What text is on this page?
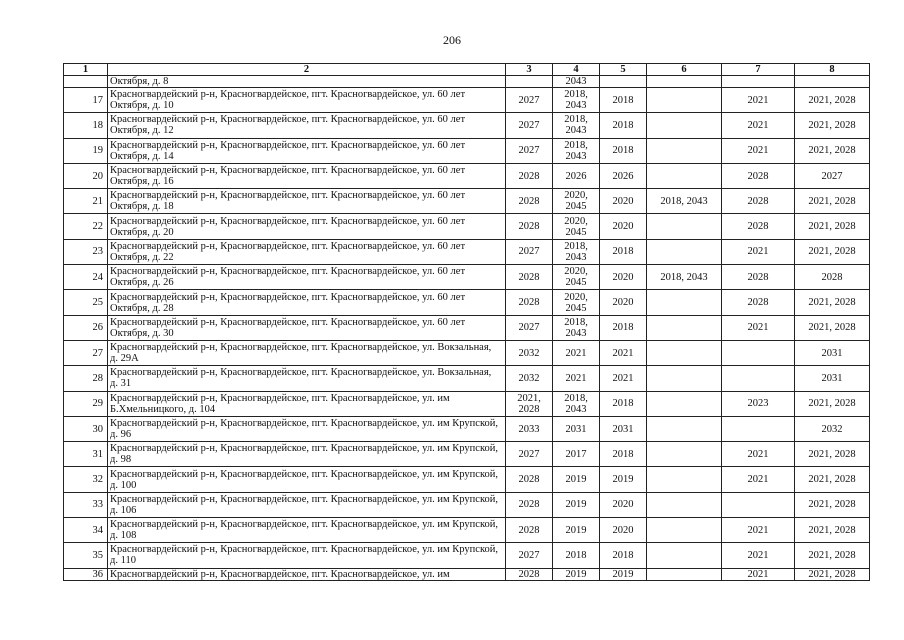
206
1	2	3	4	5	6	7	8
	Октября, д. 8		2043				
17	Красногвардейский р-н, Красногвардейское, пгт. Красногвардейское, ул. 60 лет Октября, д. 10	2027	2018, 2043	2018		2021	2021, 2028
18	Красногвардейский р-н, Красногвардейское, пгт. Красногвардейское, ул. 60 лет Октября, д. 12	2027	2018, 2043	2018		2021	2021, 2028
19	Красногвардейский р-н, Красногвардейское, пгт. Красногвардейское, ул. 60 лет Октября, д. 14	2027	2018, 2043	2018		2021	2021, 2028
20	Красногвардейский р-н, Красногвардейское, пгт. Красногвардейское, ул. 60 лет Октября, д. 16	2028	2026	2026		2028	2027
21	Красногвардейский р-н, Красногвардейское, пгт. Красногвардейское, ул. 60 лет Октября, д. 18	2028	2020, 2045	2020	2018, 2043	2028	2021, 2028
22	Красногвардейский р-н, Красногвардейское, пгт. Красногвардейское, ул. 60 лет Октября, д. 20	2028	2020, 2045	2020		2028	2021, 2028
23	Красногвардейский р-н, Красногвардейское, пгт. Красногвардейское, ул. 60 лет Октября, д. 22	2027	2018, 2043	2018		2021	2021, 2028
24	Красногвардейский р-н, Красногвардейское, пгт. Красногвардейское, ул. 60 лет Октября, д. 26	2028	2020, 2045	2020	2018, 2043	2028	2028
25	Красногвардейский р-н, Красногвардейское, пгт. Красногвардейское, ул. 60 лет Октября, д. 28	2028	2020, 2045	2020		2028	2021, 2028
26	Красногвардейский р-н, Красногвардейское, пгт. Красногвардейское, ул. 60 лет Октября, д. 30	2027	2018, 2043	2018		2021	2021, 2028
27	Красногвардейский р-н, Красногвардейское, пгт. Красногвардейское, ул. Вокзальная, д. 29А	2032	2021	2021			2031
28	Красногвардейский р-н, Красногвардейское, пгт. Красногвардейское, ул. Вокзальная, д. 31	2032	2021	2021			2031
29	Красногвардейский р-н, Красногвардейское, пгт. Красногвардейское, ул. им Б.Хмельницкого, д. 104	2021, 2028	2018, 2043	2018		2023	2021, 2028
30	Красногвардейский р-н, Красногвардейское, пгт. Красногвардейское, ул. им Крупской, д. 96	2033	2031	2031			2032
31	Красногвардейский р-н, Красногвардейское, пгт. Красногвардейское, ул. им Крупской, д. 98	2027	2017	2018		2021	2021, 2028
32	Красногвардейский р-н, Красногвардейское, пгт. Красногвардейское, ул. им Крупской, д. 100	2028	2019	2019		2021	2021, 2028
33	Красногвардейский р-н, Красногвардейское, пгт. Красногвардейское, ул. им Крупской, д. 106	2028	2019	2020			2021, 2028
34	Красногвардейский р-н, Красногвардейское, пгт. Красногвардейское, ул. им Крупской, д. 108	2028	2019	2020		2021	2021, 2028
35	Красногвардейский р-н, Красногвардейское, пгт. Красногвардейское, ул. им Крупской, д. 110	2027	2018	2018		2021	2021, 2028
36	Красногвардейский р-н, Красногвардейское, пгт. Красногвардейское, ул. им	2028	2019	2019		2021	2021, 2028
